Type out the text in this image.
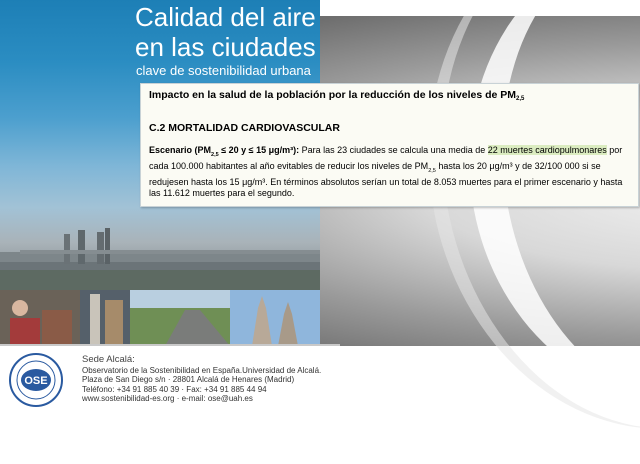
Calidad del aire
en las ciudades
clave de sostenibilidad urbana
OSE
Sede Alcalá:
Observatorio de la Sostenibilidad en España.Universidad de Alcalá.
Plaza de San Diego s/n · 28801 Alcalá de Henares (Madrid)
Teléfono: +34 91 885 40 39 · Fax: +34 91 885 44 94
www.sostenibilidad-es.org · e-mail: ose@uah.es
Impacto en la salud de la población por la reducción de los niveles de $PM_{2,5}$
C.2 MORTALIDAD CARDIOVASCULAR
Escenario ($PM_{2,5} \le 20$ y ≤ 15 μg/m³): Para las 23 ciudades se calcula una media de 22 muertes cardiopulmonares por cada 100.000 habitantes al año evitables de reducir los niveles de $PM_{2,5}$ hasta los 20 μg/m³ y de 32/100 000 si se redujesen hasta los 15 μg/m³. En términos absolutos serían un total de 8.053 muertes para el primer escenario y hasta las 11.612 muertes para el segundo.
